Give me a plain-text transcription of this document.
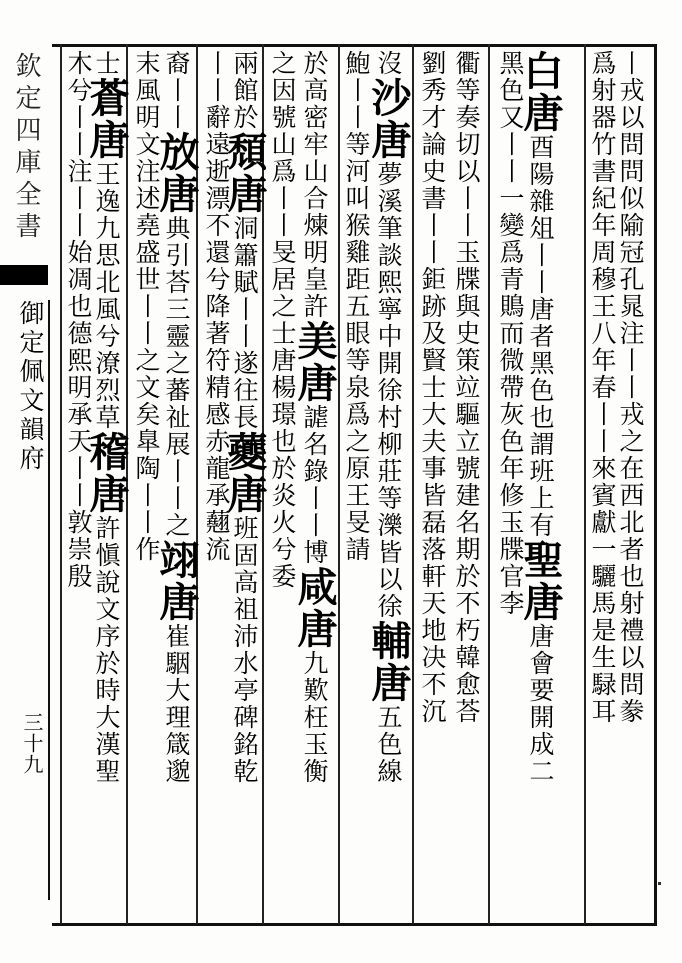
欽定四庫全書
御定佩文韻府
三十九
丨戎以問問似隃冠孔晁注丨丨戎之在西北者也射禮以問豢
爲射器竹書紀年周穆王八年春丨丨來賓獻一驪馬是生騄耳
白唐酉陽雜俎丨丨唐者黑色也謂班上有聖唐唐會要開成二
黑色又丨丨一變爲青鵙而微帶灰色年修玉牒官李
衢等奏切以丨丨玉牒與史策竝驅立號建名期於不朽韓愈荅
劉秀才論史書丨丨鉅跡及賢士大夫事皆磊落軒天地决不沉
沒沙唐夢溪筆談熙寧中開徐村柳莊等濼皆以徐輔唐五色線
鮑丨丨等河叫猴雞距五眼等泉爲之原王旻請
於高密牢山合煉明皇許美唐謔名錄丨丨博咸唐九歎枉玉衡
之因號山爲丨丨旻居之士唐楊璟也於炎火兮委
兩館於頹唐洞簫賦丨丨遂往長虁唐班固高祖沛水亭碑銘乾
丨丨辭遠逝漂不還兮降著符精感赤龍承𧄍流
裔丨丨放唐典引荅三靈之蕃祉展丨丨之翊唐崔駰大理箴邈
末風明文注述堯盛世丨丨之文矣臯陶丨丨作
士蒼唐王逸九思北風兮潦烈草稽唐許愼說文序於時大漢聖
木兮丨丨注丨丨始凋也德熙明承天丨丨敦崇殷
